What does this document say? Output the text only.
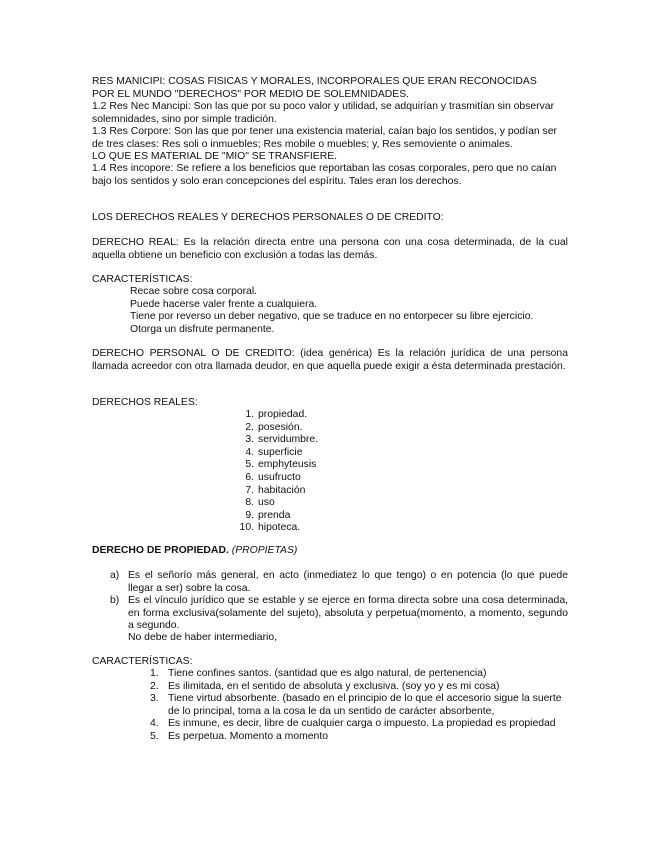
RES MANICIPI: COSAS FISICAS Y MORALES, INCORPORALES QUE ERAN RECONOCIDAS

POR EL MUNDO "DERECHOS" POR MEDIO DE SOLEMNIDADES.

1.2 Res Nec Mancipi: Son las que por su poco valor y utilidad, se adquirían y trasmitían sin observar solemnidades, sino por simple tradición.

1.3 Res Corpore: Son las que por tener una existencia material, caían bajo los sentidos, y podían ser de tres clases: Res soli o inmuebles; Res mobile o muebles; y, Res semoviente o animales.

LO QUE ES MATERIAL DE "MIO" SE TRANSFIERE.

1.4 Res incopore: Se refiere a los beneficios que reportaban las cosas corporales, pero que no caían bajo los sentidos y solo eran concepciones del espíritu. Tales eran los derechos.

LOS DERECHOS REALES Y DERECHOS PERSONALES O DE CREDITO:

DERECHO REAL: Es la relación directa entre una persona con una cosa determinada, de la cual aquella obtiene un beneficio con exclusión a todas las demás.

CARACTERÍSTICAS:

Recae sobre cosa corporal.
Puede hacerse valer frente a cualquiera.
Tiene por reverso un deber negativo, que se traduce en no entorpecer su libre ejercicio.
Otorga un disfrute permanente.

DERECHO PERSONAL O DE CREDITO: (idea genérica) Es la relación jurídica de una persona llamada acreedor con otra llamada deudor, en que aquella puede exigir a ésta determinada prestación.

DERECHOS REALES:

1. propiedad.
2. posesión.
3. servidumbre.
4. superficie
5. emphyteusis
6. usufructo
7. habitación
8. uso
9. prenda
10. hipoteca.

DERECHO DE PROPIEDAD. (PROPIETAS)

a) Es el señorío más general, en acto (inmediatez lo que tengo) o en potencia (lo que puede llegar a ser) sobre la cosa.
b) Es el vínculo jurídico que se estable y se ejerce en forma directa sobre una cosa determinada, en forma exclusiva(solamente del sujeto), absoluta y perpetua(momento, a momento, segundo a segundo.

No debe de haber intermediario,

CARACTERÍSTICAS:

1. Tiene confines santos. (santidad que es algo natural, de pertenencia)
2. Es ilimitada, en el sentido de absoluta y exclusiva. (soy yo y es mi cosa)
3. Tiene virtud absorbente. (basado en el principio de lo que el accesorio sigue la suerte de lo principal, toma a la cosa le da un sentido de carácter absorbente,
4. Es inmune, es decir, libre de cualquier carga o impuesto. La propiedad es propiedad
5. Es perpetua. Momento a momento
